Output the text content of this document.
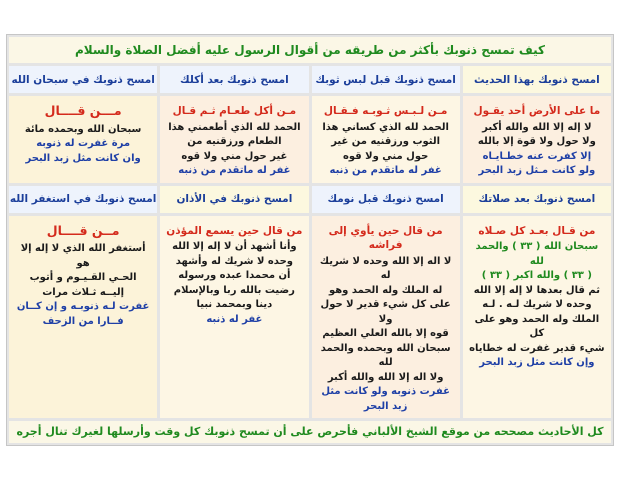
كيف تمسح ذنوبك بأكثر من طريقه من أقوال الرسول عليه أفضل الصلاة والسلام
امسح ذنوبك بهذا الحديث
امسح ذنوبك قبل لبس ثوبك
امسح ذنوبك بعد أكلك
امسح ذنوبك في سبحان الله
ما على الأرض أحد يقـول
لا إله إلا الله والله أكبر
ولا حول ولا قوة إلا بالله
إلا كفرت عنه خطـايـاه
ولو كانت مـثل زبد البحر
مـن لـبـس ثـوبـه فـقـال
الحمد لله الذي كساني هذا
الثوب ورزقنيه من غير
حول مني ولا قوه
غفر له ماتقدم من ذنبه
مـن أكل طعـام ثـم قـال
الحمد لله الذي أطعمني هذا
الطعام ورزقنيه من
غير حول مني ولا قوه
غفر له ماتقدم من ذنبه
مـــن قــــال
سبحان الله وبحمده مائة
مرة غفرت له ذنوبه
وان كانت مثل زبد البحر
امسح ذنوبك بعد صلاتك
امسح ذنوبك قبل نومك
امسح ذنوبك في الأذان
امسح ذنوبك في استغفر الله
من قـال بعـد كل صـلاه
سبحان الله ( ٣٣ ) والحمد لله
( ٣٣ ) والله اكبر ( ٣٣ )
ثم قال بعدها لا إله إلا الله
وحده لا شريك لـه . لـه
الملك وله الحمد وهو على كل
شيء قدير غفرت له خطاياه
وإن كانت مثل زبد البحر
من قال حين يأوي إلى فراشه
لا اله إلا الله وحده لا شريك له
له الملك وله الحمد وهو
على كل شيء قدير لا حول ولا
قوه إلا بالله العلي العظيم
سبحان الله وبحمده والحمد لله
ولا اله إلا الله والله أكبر
غفرت ذنوبه ولو كانت مثل
زبد البحر
من قال حين يسمع المؤذن
وأنا أشهد أن لا إله إلا الله
وحده لا شريك له وأشهد
أن محمدا عبده ورسوله
رضيت بالله ربا وبالإسلام
دينا وبمحمد نبيا
غفر له ذنبه
مــن قــــال
أستغفر الله الذي لا إله إلا هو
الحـي القـيـوم و أتوب
إليــه ثـلاث مرات
غفرت لـه ذنوبـه و إن كــان
فــارا من الزحف
كل الأحاديث مصححه من موقع الشيخ الألباني فأحرص على أن تمسح ذنوبك كل وقت وأرسلها لغيرك تنال أجره
